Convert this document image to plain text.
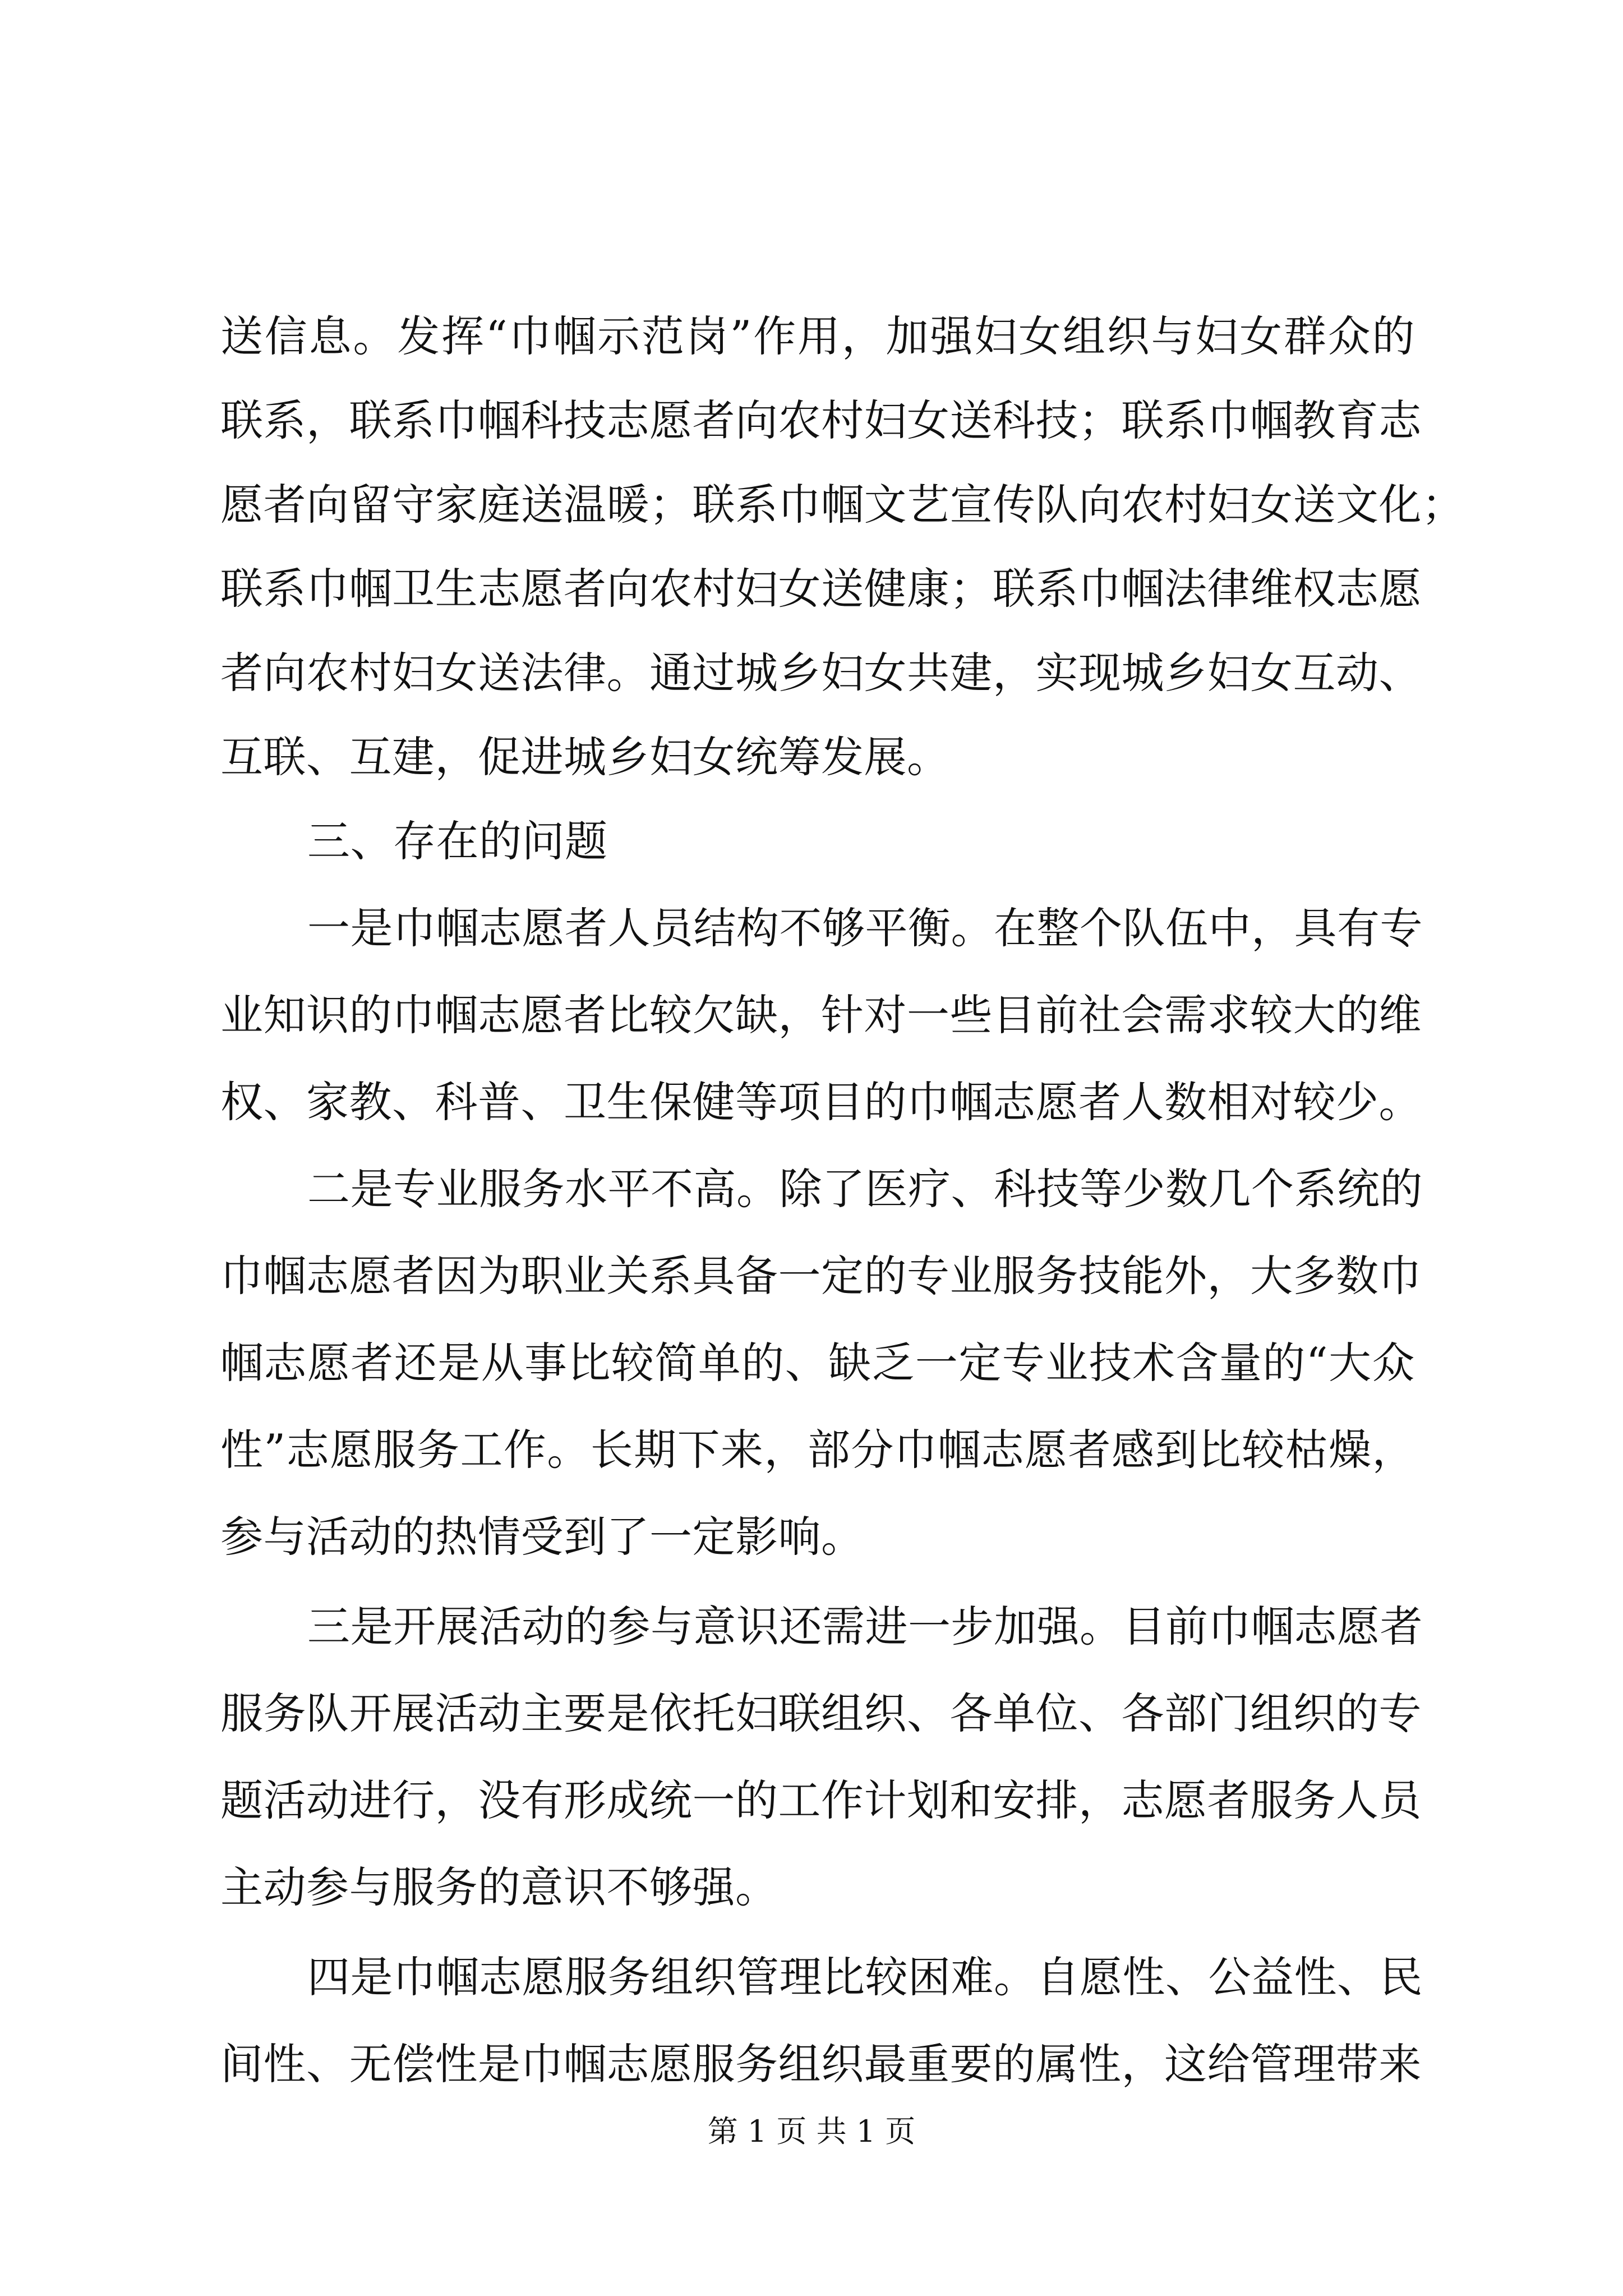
送信息。发挥“巾帼示范岗”作用，加强妇女组织与妇女群众的
联系，联系巾帼科技志愿者向农村妇女送科技；联系巾帼教育志
愿者向留守家庭送温暖；联系巾帼文艺宣传队向农村妇女送文化；
联系巾帼卫生志愿者向农村妇女送健康；联系巾帼法律维权志愿
者向农村妇女送法律。通过城乡妇女共建，实现城乡妇女互动、
互联、互建，促进城乡妇女统筹发展。
三、存在的问题
一是巾帼志愿者人员结构不够平衡。在整个队伍中，具有专
业知识的巾帼志愿者比较欠缺，针对一些目前社会需求较大的维
权、家教、科普、卫生保健等项目的巾帼志愿者人数相对较少。
二是专业服务水平不高。除了医疗、科技等少数几个系统的
巾帼志愿者因为职业关系具备一定的专业服务技能外，大多数巾
帼志愿者还是从事比较简单的、缺乏一定专业技术含量的“大众
性”志愿服务工作。长期下来，部分巾帼志愿者感到比较枯燥，
参与活动的热情受到了一定影响。
三是开展活动的参与意识还需进一步加强。目前巾帼志愿者
服务队开展活动主要是依托妇联组织、各单位、各部门组织的专
题活动进行，没有形成统一的工作计划和安排，志愿者服务人员
主动参与服务的意识不够强。
四是巾帼志愿服务组织管理比较困难。自愿性、公益性、民
间性、无偿性是巾帼志愿服务组织最重要的属性，这给管理带来
第 1 页 共 1 页
